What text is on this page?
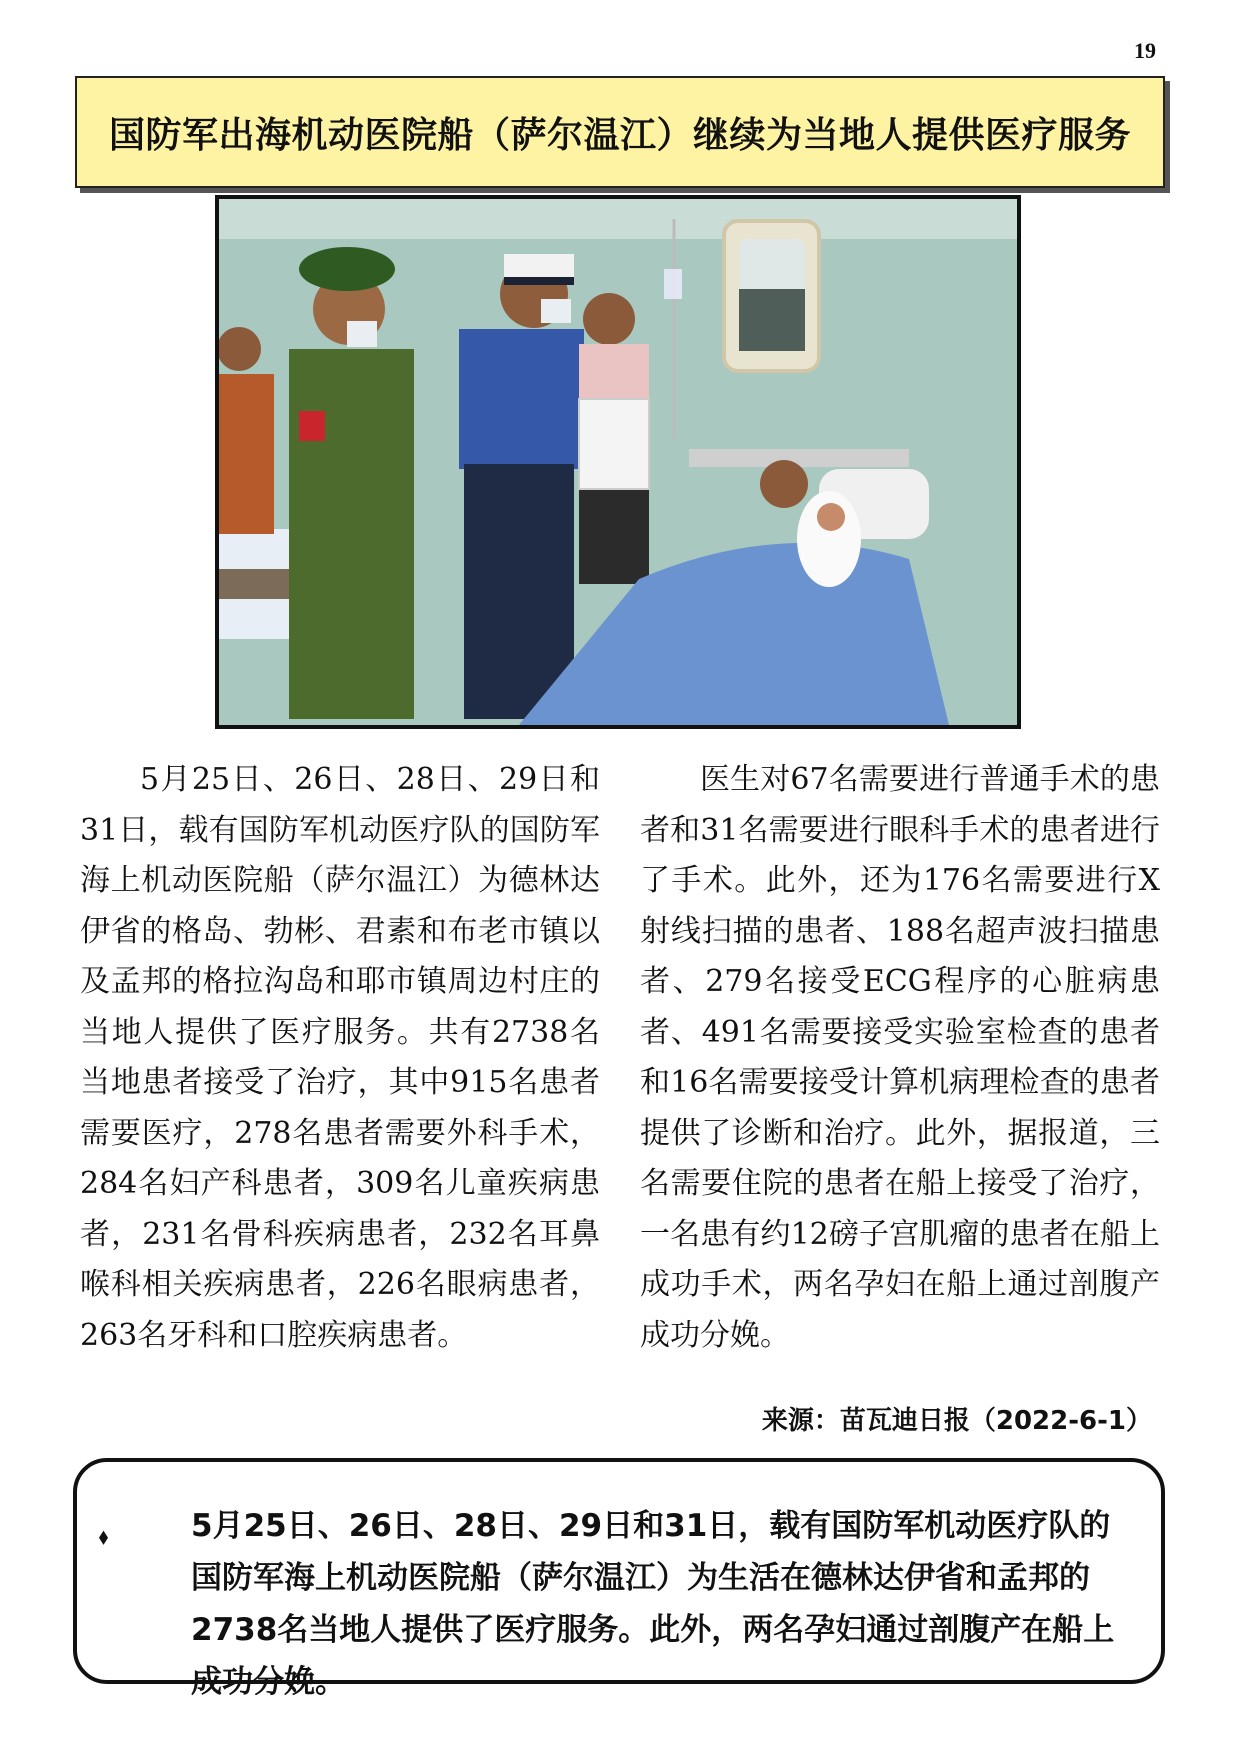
19
国防军出海机动医院船（萨尔温江）继续为当地人提供医疗服务

5月25日、26日、28日、29日和31日，载有国防军机动医疗队的国防军海上机动医院船（萨尔温江）为德林达伊省的格岛、勃彬、君素和布老市镇以及孟邦的格拉沟岛和耶市镇周边村庄的当地人提供了医疗服务。共有2738名当地患者接受了治疗，其中915名患者需要医疗，278名患者需要外科手术，284名妇产科患者，309名儿童疾病患者，231名骨科疾病患者，232名耳鼻喉科相关疾病患者，226名眼病患者，263名牙科和口腔疾病患者。

医生对67名需要进行普通手术的患者和31名需要进行眼科手术的患者进行了手术。此外，还为176名需要进行X射线扫描的患者、188名超声波扫描患者、279名接受ECG程序的心脏病患者、491名需要接受实验室检查的患者和16名需要接受计算机病理检查的患者提供了诊断和治疗。此外，据报道，三名需要住院的患者在船上接受了治疗，一名患有约12磅子宫肌瘤的患者在船上成功手术，两名孕妇在船上通过剖腹产成功分娩。

来源：苗瓦迪日报（2022-6-1）
⬧	5月25日、26日、28日、29日和31日，载有国防军机动医疗队的国防军海上机动医院船（萨尔温江）为生活在德林达伊省和孟邦的2738名当地人提供了医疗服务。此外，两名孕妇通过剖腹产在船上成功分娩。
